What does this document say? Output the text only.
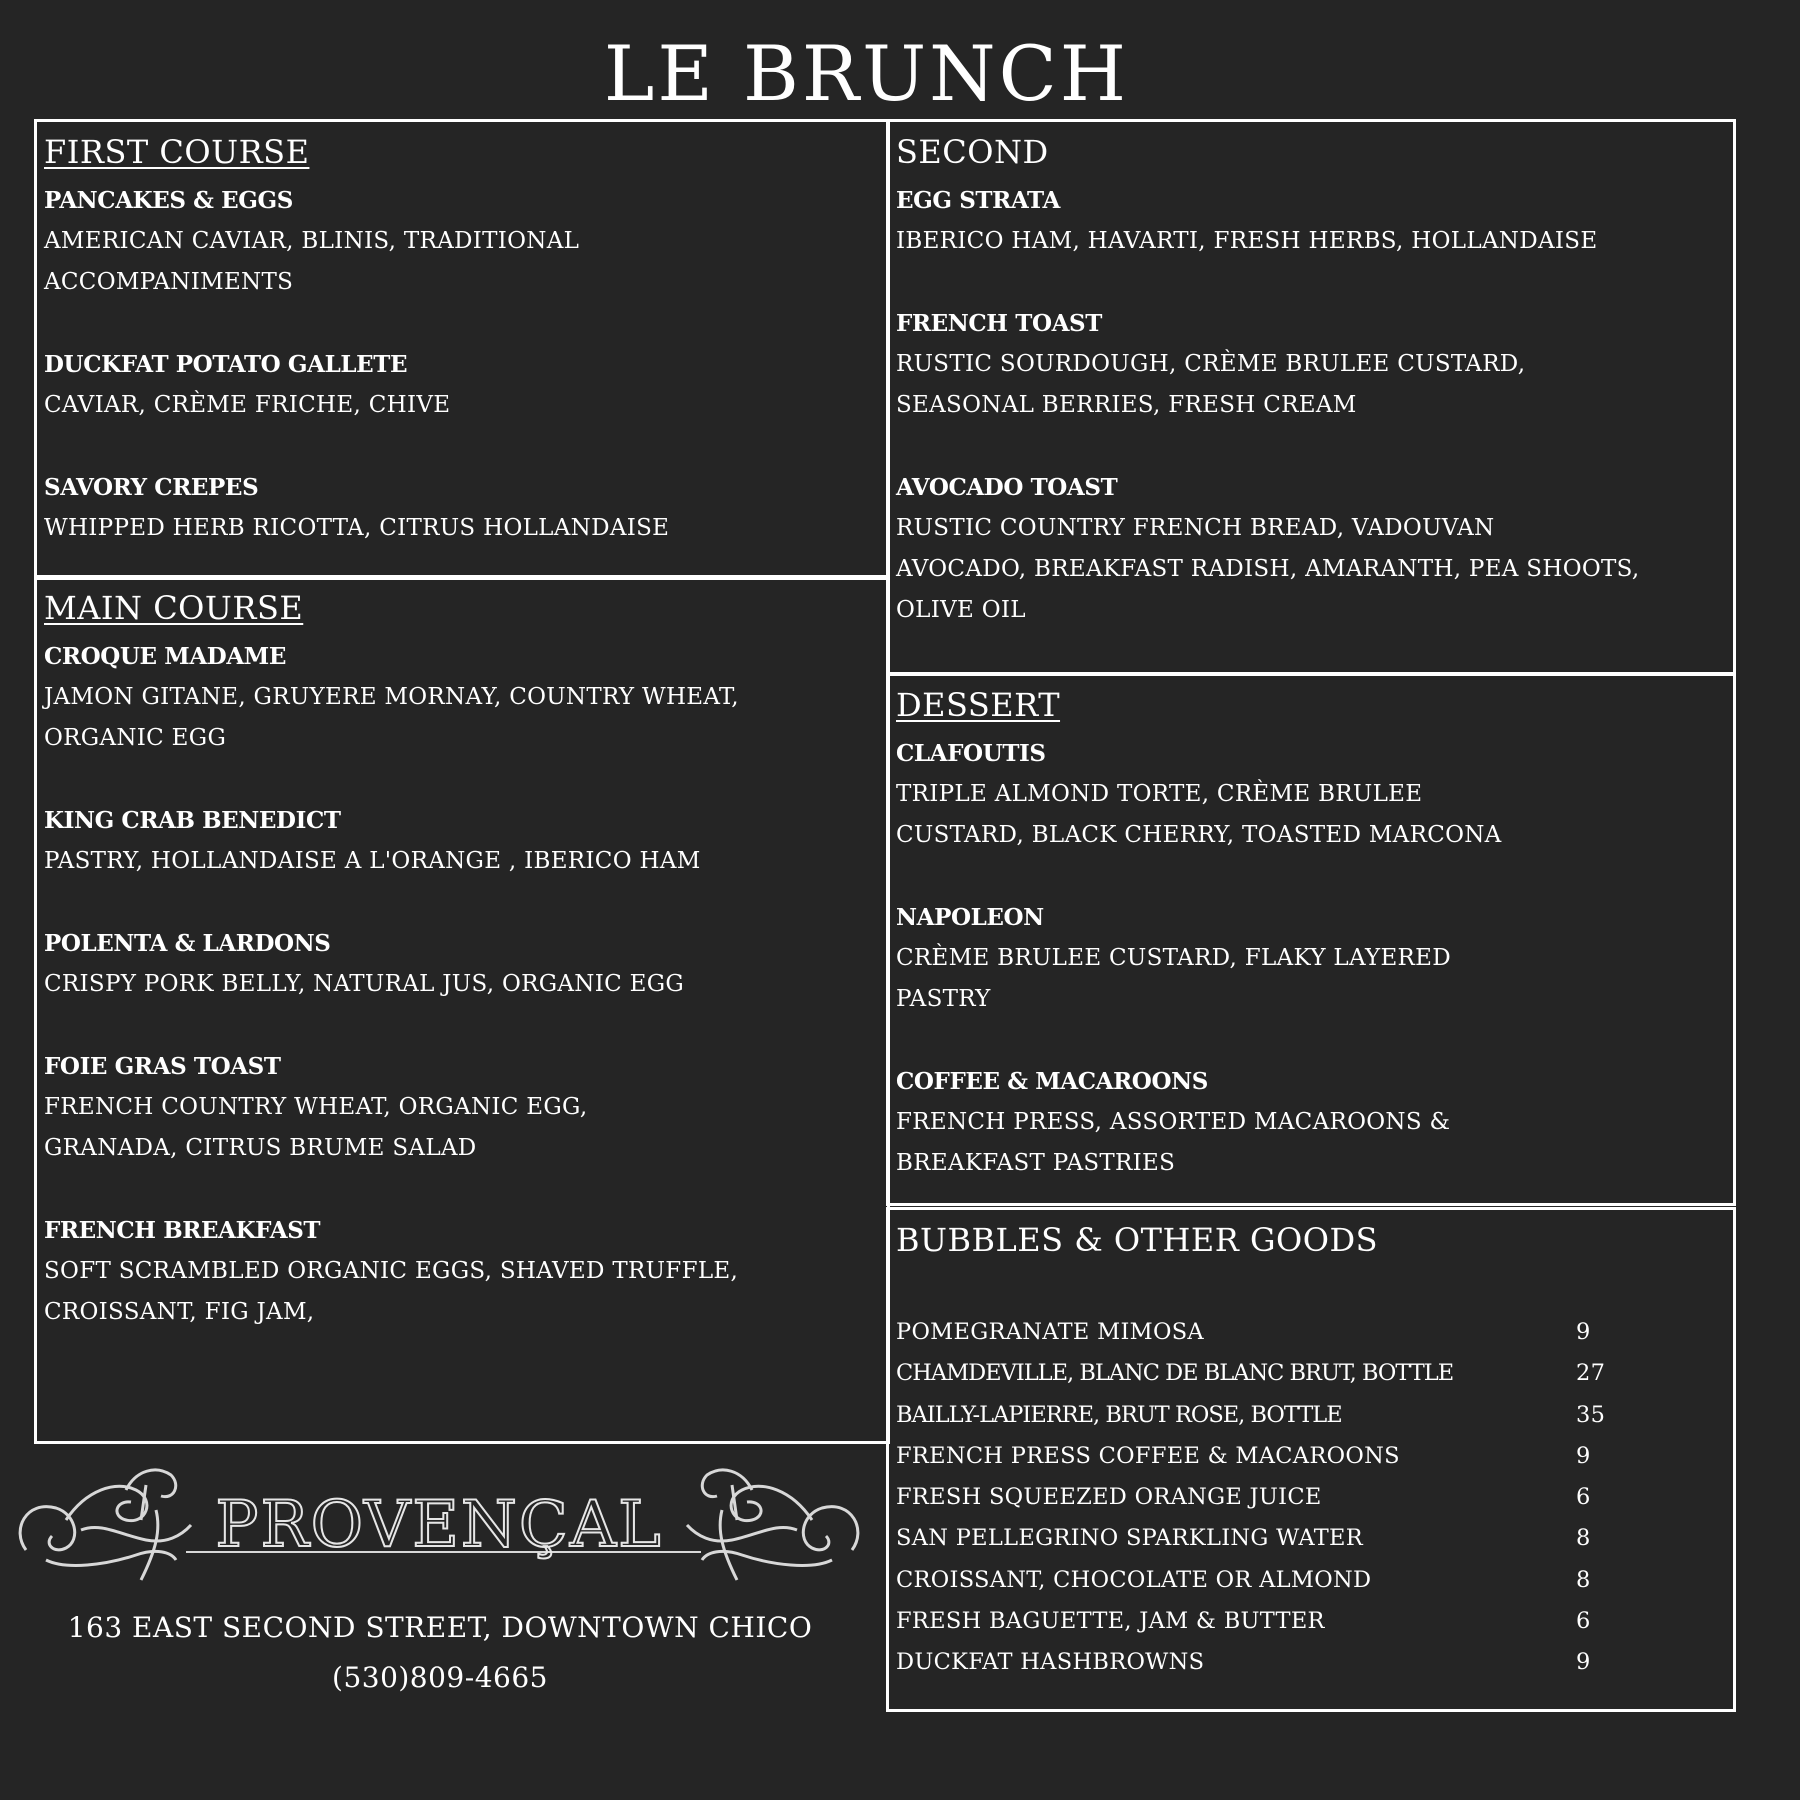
LE BRUNCH
FIRST COURSE
PANCAKES & EGGS
AMERICAN CAVIAR, BLINIS, TRADITIONAL
ACCOMPANIMENTS
DUCKFAT POTATO GALLETE
CAVIAR, CRÈME FRICHE, CHIVE
SAVORY CREPES
WHIPPED HERB RICOTTA, CITRUS HOLLANDAISE
MAIN COURSE
CROQUE MADAME
JAMON GITANE, GRUYERE MORNAY, COUNTRY WHEAT,
ORGANIC EGG
KING CRAB BENEDICT
PASTRY, HOLLANDAISE A L'ORANGE , IBERICO HAM
POLENTA & LARDONS
CRISPY PORK BELLY, NATURAL JUS, ORGANIC EGG
FOIE GRAS TOAST
FRENCH COUNTRY WHEAT, ORGANIC EGG,
GRANADA, CITRUS BRUME SALAD
FRENCH BREAKFAST
SOFT SCRAMBLED ORGANIC EGGS, SHAVED TRUFFLE,
CROISSANT, FIG JAM,
SECOND
EGG STRATA
IBERICO HAM, HAVARTI, FRESH HERBS, HOLLANDAISE
FRENCH TOAST
RUSTIC SOURDOUGH, CRÈME BRULEE CUSTARD,
SEASONAL BERRIES, FRESH CREAM
AVOCADO TOAST
RUSTIC COUNTRY FRENCH BREAD, VADOUVAN
AVOCADO, BREAKFAST RADISH, AMARANTH, PEA SHOOTS,
OLIVE OIL
DESSERT
CLAFOUTIS
TRIPLE ALMOND TORTE, CRÈME BRULEE
CUSTARD, BLACK CHERRY, TOASTED MARCONA
NAPOLEON
CRÈME BRULEE CUSTARD, FLAKY LAYERED
PASTRY
COFFEE & MACAROONS
FRENCH PRESS, ASSORTED MACAROONS &
BREAKFAST PASTRIES
BUBBLES & OTHER GOODS
POMEGRANATE MIMOSA	9
CHAMDEVILLE, BLANC DE BLANC BRUT, BOTTLE	27
BAILLY-LAPIERRE, BRUT ROSE, BOTTLE	35
FRENCH PRESS COFFEE & MACAROONS	9
FRESH SQUEEZED ORANGE JUICE	6
SAN PELLEGRINO SPARKLING WATER	8
CROISSANT, CHOCOLATE OR ALMOND	8
FRESH BAGUETTE, JAM & BUTTER	6
DUCKFAT HASHBROWNS	9
PROVENÇAL
163 EAST SECOND STREET, DOWNTOWN CHICO
(530)809-4665
